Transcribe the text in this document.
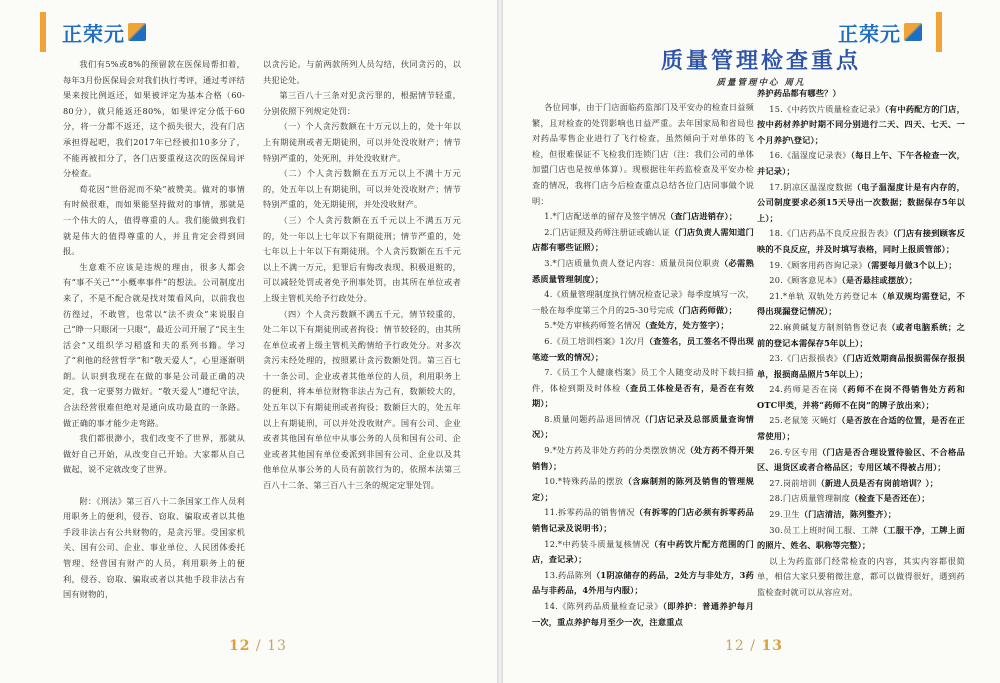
正荣元

我们有5%或8%的预留款在医保局帮扣着，每年3月份医保局会对我们执行考评，通过考评结果来按比例返还，如果被评定为基本合格（60-80分），就只能返还80%，如果评定分低于60分，将一分都不返还，这个损失很大，没有门店承担得起吧，我们2017年已经被扣10多分了，不能再被扣分了，各门店要重视这次的医保局评分检查。

荀花因“世俗泥而不染”被赞美。做对的事情有时候很难，而如果能坚持做对的事情，那就是一个伟大的人，值得尊重的人。我们能做到我们就是伟大的值得尊重的人，并且肯定会得到回报。

生意难不应该是违规的理由，很多人都会有“事不关己”“小概率事件”的想法。公司制度出来了，不是不配合就是找对策看风向，以前我也彷徨过，不敢管，也常以“法不责众”来说服自己“睁一只眼闭一只眼”，最近公司开展了“民主生活会”又组织学习稻盛和夫的系列书籍。学习了“利他的经营哲学”和“敬天爱人”，心里逐渐明朗。认识到我现在在做的事是公司最正确的决定，我一定要努力做好。“敬天爱人”遵纪守法，合法经营很难但绝对是通向成功最直的一条路。做正确的事才能少走弯路。

我们都很渺小，我们改变不了世界，那就从做好自己开始，从改变自己开始。大家都从自己做起，说不定就改变了世界。

附：《刑法》第三百八十二条国家工作人员利用职务上的便利，侵吞、窃取、骗取或者以其他手段非法占有公共财物的，是贪污罪。受国家机关、国有公司、企业、事业单位、人民团体委托管理、经营国有财产的人员，利用职务上的便利，侵吞、窃取、骗取或者以其他手段非法占有国有财物的，

以贪污论。与前两款所列人员勾结，伙同贪污的，以共犯论处。

第三百八十三条对犯贪污罪的，根据情节轻重，分别依照下列规定处罚：

（一）个人贪污数额在十万元以上的，处十年以上有期徒刑或者无期徒刑，可以并处没收财产；情节特别严重的，处死刑，并处没收财产。

（二）个人贪污数额在五万元以上不满十万元的，处五年以上有期徒刑，可以并处没收财产；情节特别严重的，处无期徒刑，并处没收财产。

（三）个人贪污数额在五千元以上不满五万元的，处一年以上七年以下有期徒刑；情节严重的，处七年以上十年以下有期徒刑。个人贪污数额在五千元以上不满一万元，犯罪后有悔改表现、积极退赃的，可以减轻处罚或者免予刑事处罚，由其所在单位或者上级主管机关给予行政处分。

（四）个人贪污数额不满五千元，情节较重的，处二年以下有期徒刑或者拘役；情节较轻的，由其所在单位或者上级主管机关酌情给予行政处分。对多次贪污未经处理的，按照累计贪污数额处罚。第三百七十一条公司、企业或者其他单位的人员，利用职务上的便利，将本单位财物非法占为己有，数额较大的，处五年以下有期徒刑或者拘役；数额巨大的，处五年以上有期徒刑，可以并处没收财产。国有公司、企业或者其他国有单位中从事公务的人员和国有公司、企业或者其他国有单位委派到非国有公司、企业以及其他单位从事公务的人员有前款行为的，依照本法第三百八十二条、第三百八十三条的规定定罪处罚。

12 / 13
正荣元
质量管理检查重点
质量管理中心 周凡

各位同事，由于门店面临药监部门及平安办的检查日益频繁，且对检查的处罚影响也日益严重。去年国家局和省局也对药品零售企业进行了飞行检查，虽然倾向于对单体的飞检，但很难保证不飞检我们连锁门店（注：我们公司的单体加盟门店也是按单体算）。现根据往年药监检查及平安办检查的情况，我将门店今后检查重点总结各位门店同事做个说明：

1.*门店配送单的留存及签字情况（查门店进销存）；

2.门店证照及药师注册证或确认证（门店负责人需知道门店都有哪些证照）；

3.*门店质量负责人登记内容：质量员岗位职责（必需熟悉质量管理制度）；

4.《质量管理制度执行情况检查记录》每季度填写一次，一般在每季度第三个月的25-30号完成（门店药师做）；

5.*处方审核药师签名情况（查处方，处方签字）；

6.《员工培训档案》1次/月（查签名，员工签名不得出现笔迹一致的情况）；

7.《员工个人健康档案》员工个人随变动及时下载扫描件，体检到期及时体检（查员工体检是否有，是否在有效期）；

8.质量问题药品退回情况（门店记录及总部质量查询情况）；

9.*处方药及非处方药的分类摆放情况（处方药不得开架销售）；

10.*特殊药品的摆放（含麻制剂的陈列及销售的管理规定）；

11.拆零药品的销售情况（有拆零的门店必须有拆零药品销售记录及说明书）；

12.*中药装斗质量复核情况（有中药饮片配方范围的门店，查记录）；

13.药品陈列（1阴凉储存的药品，2处方与非处方，3药品与非药品，4外用与内服）；

14.《陈列药品质量检查记录》（即养护：普通养护每月一次，重点养护每月至少一次，注意重点

养护药品都有哪些？）

15.《中药饮片质量检查记录》（有中药配方的门店，按中药材养护时期不同分别进行二天、四天、七天、一个月养护\登记）；

16.《温湿度记录表》（每日上午、下午各检查一次，并记录）；

17.阴凉区温湿度数据（电子温湿度计是有内存的，公司制度要求必须15天导出一次数据；数据保存5年以上）；

18.《门店药品不良反应报告表》（门店有接到顾客反映的不良反应，并及时填写表格，同时上报质管部）；

19.《顾客用药咨询记录》（需要每月做3个以上）；

20.《顾客意见本》（是否悬挂或摆放）；

21.*单轨 双轨处方药登记本（单双规均需登记，不得出现漏登记情况）；

22.麻黄碱复方制剂销售登记表（或者电脑系统；之前的登记本需保存5年以上）；

23.《门店报损表》（门店近效期商品报损需保存报损单，报损商品照片5年以上）；

24.药师是否在岗（药师不在岗不得销售处方药和OTC甲类，并将“药师不在岗”的牌子放出来）；

25.老鼠笼 灭蝇灯（是否放在合适的位置，是否在正常使用）；

26.专区专用（门店是否合理设置待验区、不合格品区、退货区或者合格品区；专用区域不得被占用）；

27.岗前培训（新进人员是否有岗前培训？）；

28.门店质量管理制度（检查下是否还在）；

29.卫生（门店清洁，陈列整齐）；

30.员工上班时间工服、工牌（工服干净，工牌上面的照片、姓名、职称等完整）；

以上为药监部门经常检查的内容，其实内容都很简单，相信大家只要稍微注意，都可以做得很好，遇到药监检查时就可以从容应对。

12 / 13
